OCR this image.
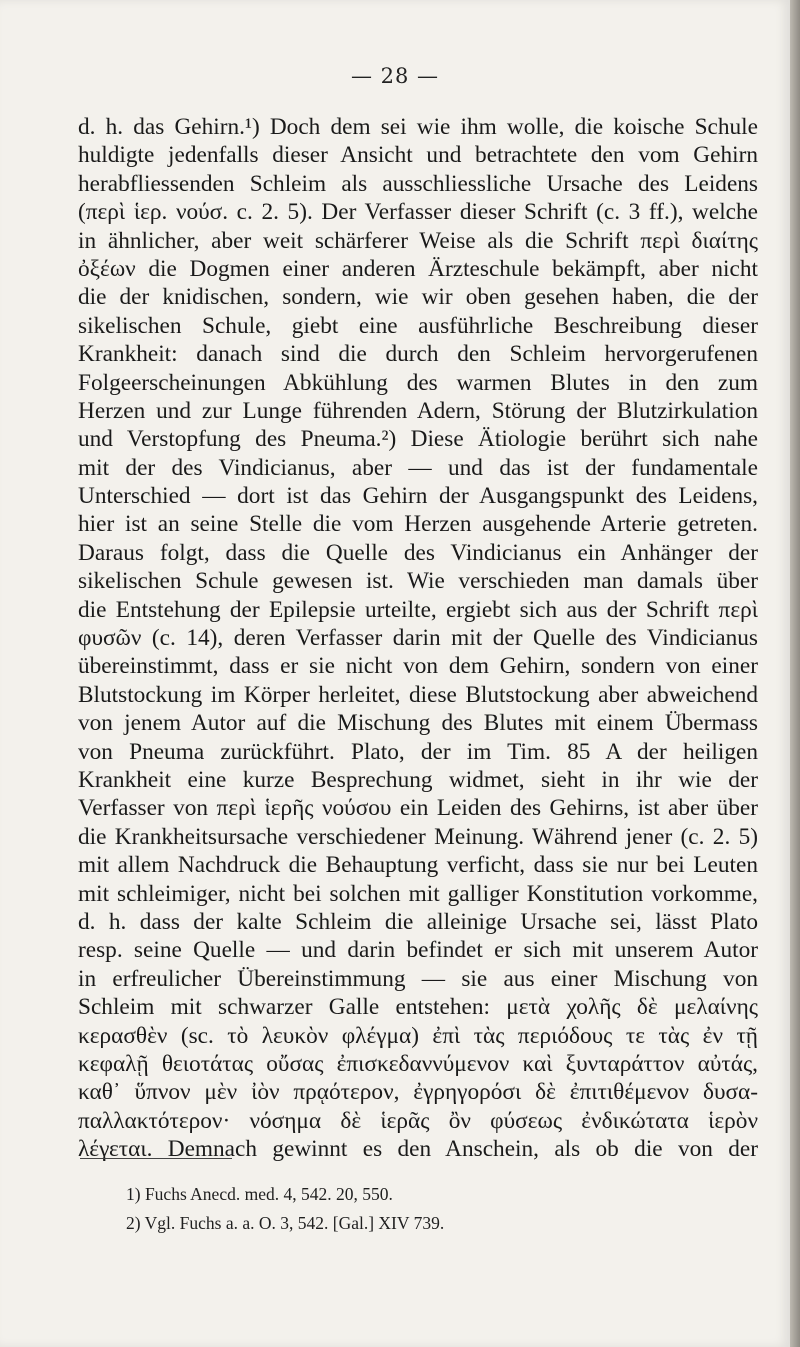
— 28 —
d. h. das Gehirn.¹) Doch dem sei wie ihm wolle, die koische Schule
huldigte jedenfalls dieser Ansicht und betrachtete den vom Gehirn
herabfliessenden Schleim als ausschliessliche Ursache des Leidens
(περὶ ἱερ. νούσ. c. 2. 5). Der Verfasser dieser Schrift (c. 3 ff.), welche
in ähnlicher, aber weit schärferer Weise als die Schrift περὶ διαίτης
ὀξέων die Dogmen einer anderen Ärzteschule bekämpft, aber nicht
die der knidischen, sondern, wie wir oben gesehen haben, die der
sikelischen Schule, giebt eine ausführliche Beschreibung dieser
Krankheit: danach sind die durch den Schleim hervorgerufenen
Folgeerscheinungen Abkühlung des warmen Blutes in den zum
Herzen und zur Lunge führenden Adern, Störung der Blutzirkulation
und Verstopfung des Pneuma.²) Diese Ätiologie berührt sich nahe
mit der des Vindicianus, aber — und das ist der fundamentale
Unterschied — dort ist das Gehirn der Ausgangspunkt des Leidens,
hier ist an seine Stelle die vom Herzen ausgehende Arterie getreten.
Daraus folgt, dass die Quelle des Vindicianus ein Anhänger der
sikelischen Schule gewesen ist. Wie verschieden man damals über
die Entstehung der Epilepsie urteilte, ergiebt sich aus der Schrift περὶ
φυσῶν (c. 14), deren Verfasser darin mit der Quelle des Vindicianus
übereinstimmt, dass er sie nicht von dem Gehirn, sondern von einer
Blutstockung im Körper herleitet, diese Blutstockung aber abweichend
von jenem Autor auf die Mischung des Blutes mit einem Übermass
von Pneuma zurückführt. Plato, der im Tim. 85 A der heiligen
Krankheit eine kurze Besprechung widmet, sieht in ihr wie der
Verfasser von περὶ ἱερῆς νούσου ein Leiden des Gehirns, ist aber über
die Krankheitsursache verschiedener Meinung. Während jener (c. 2. 5)
mit allem Nachdruck die Behauptung verficht, dass sie nur bei Leuten
mit schleimiger, nicht bei solchen mit galliger Konstitution vorkomme,
d. h. dass der kalte Schleim die alleinige Ursache sei, lässt Plato
resp. seine Quelle — und darin befindet er sich mit unserem Autor
in erfreulicher Übereinstimmung — sie aus einer Mischung von
Schleim mit schwarzer Galle entstehen: μετὰ χολῆς δὲ μελαίνης
κερασθὲν (sc. τὸ λευκὸν φλέγμα) ἐπὶ τὰς περιόδους τε τὰς ἐν τῇ
κεφαλῇ θειοτάτας οὔσας ἐπισκεδαννύμενον καὶ ξυνταράττον αὐτάς,
καθ᾿ ὕπνον μὲν ἰὸν πρᾳότερον, ἐγρηγορόσι δὲ ἐπιτιθέμενον δυσα-
παλλακτότερον· νόσημα δὲ ἱερᾶς ὂν φύσεως ἐνδικώτατα ἱερὸν
λέγεται. Demnach gewinnt es den Anschein, als ob die von der
1) Fuchs Anecd. med. 4, 542. 20, 550.
2) Vgl. Fuchs a. a. O. 3, 542. [Gal.] XIV 739.
